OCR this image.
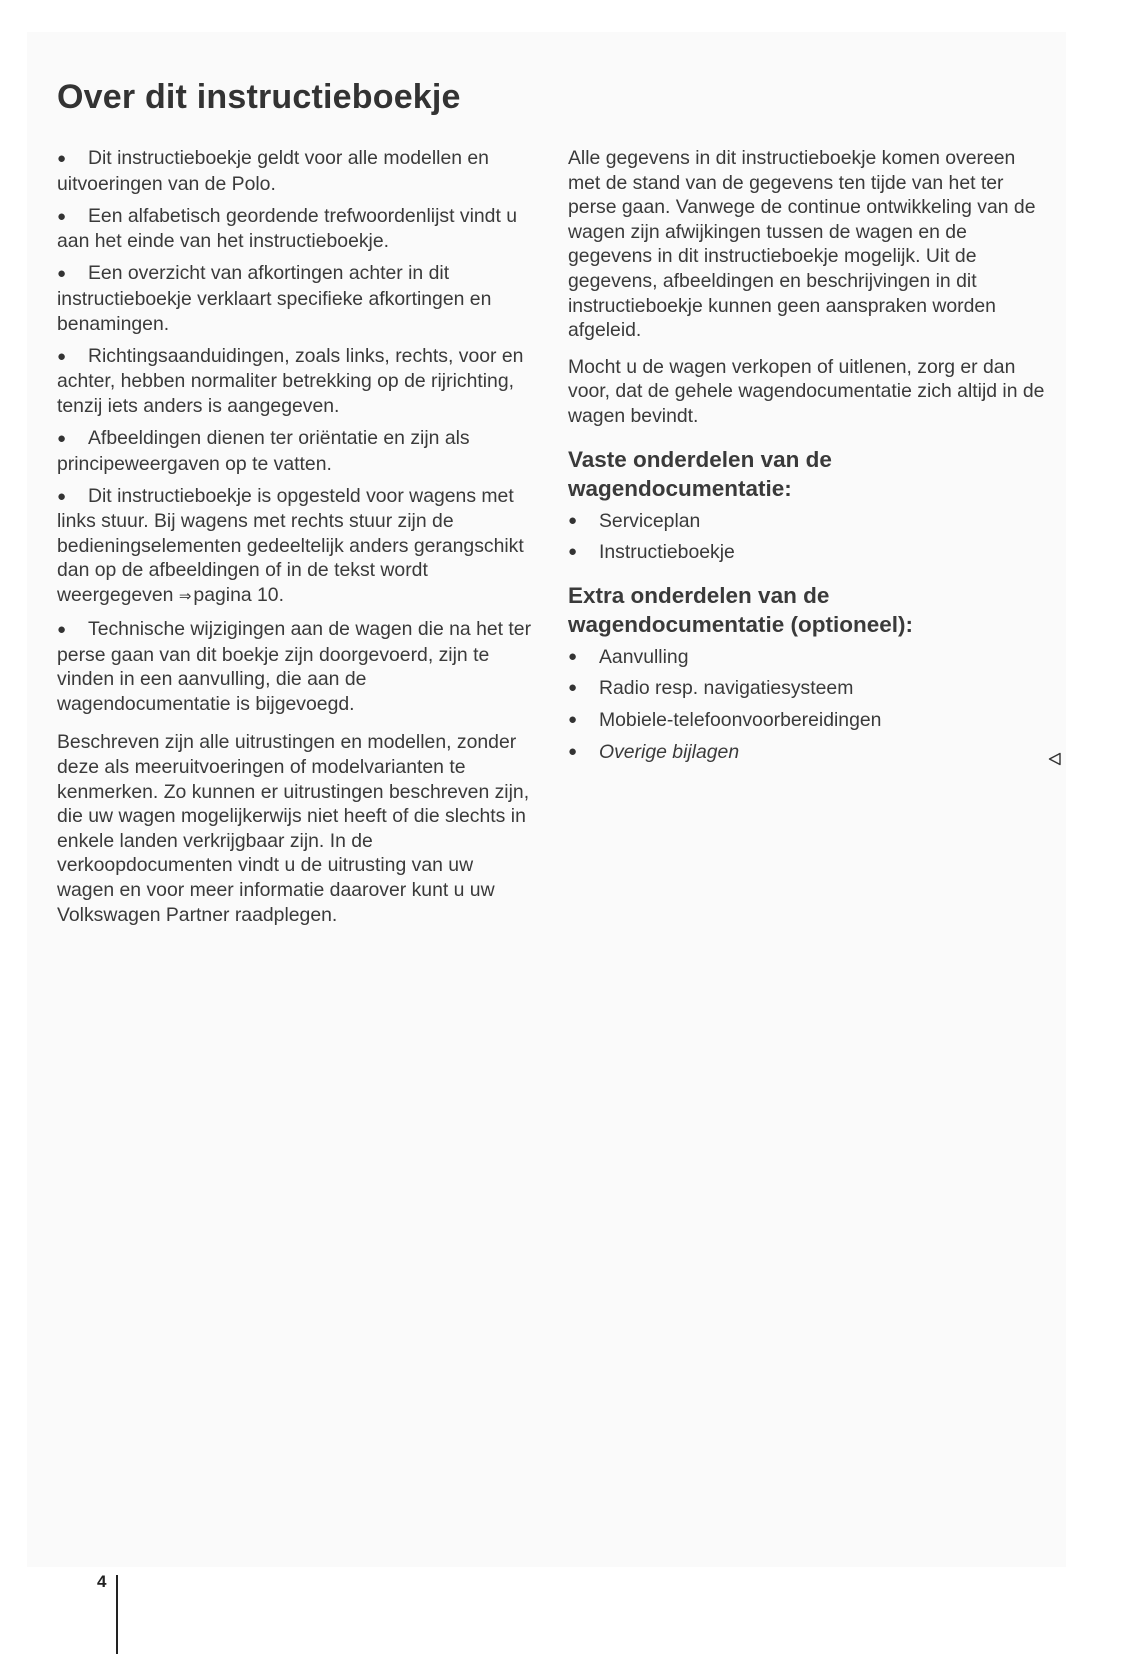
Over dit instructieboekje

● Dit instructieboekje geldt voor alle modellen en uitvoeringen van de Polo.

● Een alfabetisch geordende trefwoordenlijst vindt u aan het einde van het instructieboekje.

● Een overzicht van afkortingen achter in dit instructieboekje verklaart specifieke afkortingen en benamingen.

● Richtingsaanduidingen, zoals links, rechts, voor en achter, hebben normaliter betrekking op de rijrichting, tenzij iets anders is aangegeven.

● Afbeeldingen dienen ter oriëntatie en zijn als principeweergaven op te vatten.

● Dit instructieboekje is opgesteld voor wagens met links stuur. Bij wagens met rechts stuur zijn de bedieningselementen gedeeltelijk anders gerangschikt dan op de afbeeldingen of in de tekst wordt weergegeven ⇒ pagina 10.

● Technische wijzigingen aan de wagen die na het ter perse gaan van dit boekje zijn doorgevoerd, zijn te vinden in een aanvulling, die aan de wagendocumentatie is bijgevoegd.

Beschreven zijn alle uitrustingen en modellen, zonder deze als meeruitvoeringen of modelvarianten te kenmerken. Zo kunnen er uitrustingen beschreven zijn, die uw wagen mogelijkerwijs niet heeft of die slechts in enkele landen verkrijgbaar zijn. In de verkoopdocumenten vindt u de uitrusting van uw wagen en voor meer informatie daarover kunt u uw Volkswagen Partner raadplegen.

Alle gegevens in dit instructieboekje komen overeen met de stand van de gegevens ten tijde van het ter perse gaan. Vanwege de continue ontwikkeling van de wagen zijn afwijkingen tussen de wagen en de gegevens in dit instructieboekje mogelijk. Uit de gegevens, afbeeldingen en beschrijvingen in dit instructieboekje kunnen geen aanspraken worden afgeleid.

Mocht u de wagen verkopen of uitlenen, zorg er dan voor, dat de gehele wagendocumentatie zich altijd in de wagen bevindt.

Vaste onderdelen van de wagendocumentatie:
● Serviceplan
● Instructieboekje
Extra onderdelen van de wagendocumentatie (optioneel):
● Aanvulling
● Radio resp. navigatiesysteem
● Mobiele-telefoonvoorbereidingen
● Overige bijlagen
4
